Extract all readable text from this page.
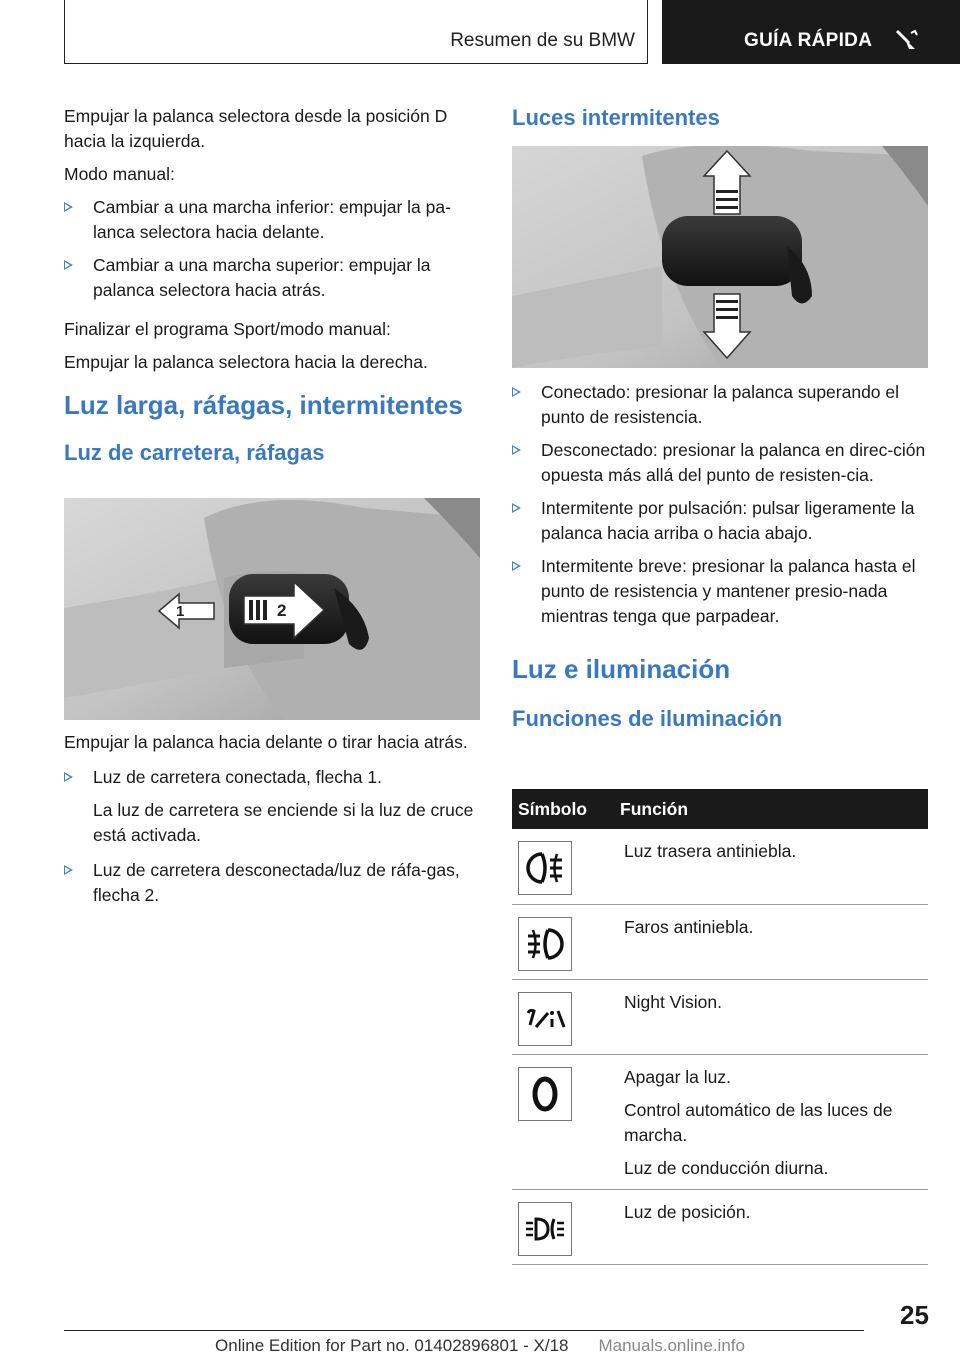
Resumen de su BMW	GUÍA RÁPIDA

Empujar la palanca selectora desde la posición D hacia la izquierda.

Modo manual:

Cambiar a una marcha inferior: empujar la pa-lanca selectora hacia delante.
Cambiar a una marcha superior: empujar la palanca selectora hacia atrás.

Finalizar el programa Sport/modo manual:

Empujar la palanca selectora hacia la derecha.

Luz larga, ráfagas, intermitentes
Luz de carretera, ráfagas
1	2

Empujar la palanca hacia delante o tirar hacia atrás.

Luz de carretera conectada, flecha 1.

La luz de carretera se enciende si la luz de cruce está activada.

Luz de carretera desconectada/luz de ráfa-gas, flecha 2.
Luces intermitentes
Conectado: presionar la palanca superando el punto de resistencia.
Desconectado: presionar la palanca en direc-ción opuesta más allá del punto de resisten-cia.
Intermitente por pulsación: pulsar ligeramente la palanca hacia arriba o hacia abajo.
Intermitente breve: presionar la palanca hasta el punto de resistencia y mantener presio-nada mientras tenga que parpadear.
Luz e iluminación
Funciones de iluminación
Símbolo	Función

Luz trasera antiniebla.

Faros antiniebla.

Night Vision.

Apagar la luz.
Control automático de las luces de marcha.
Luz de conducción diurna.

Luz de posición.
25
Online Edition for Part no. 01402896801 - X/18 Manuals.online.info
